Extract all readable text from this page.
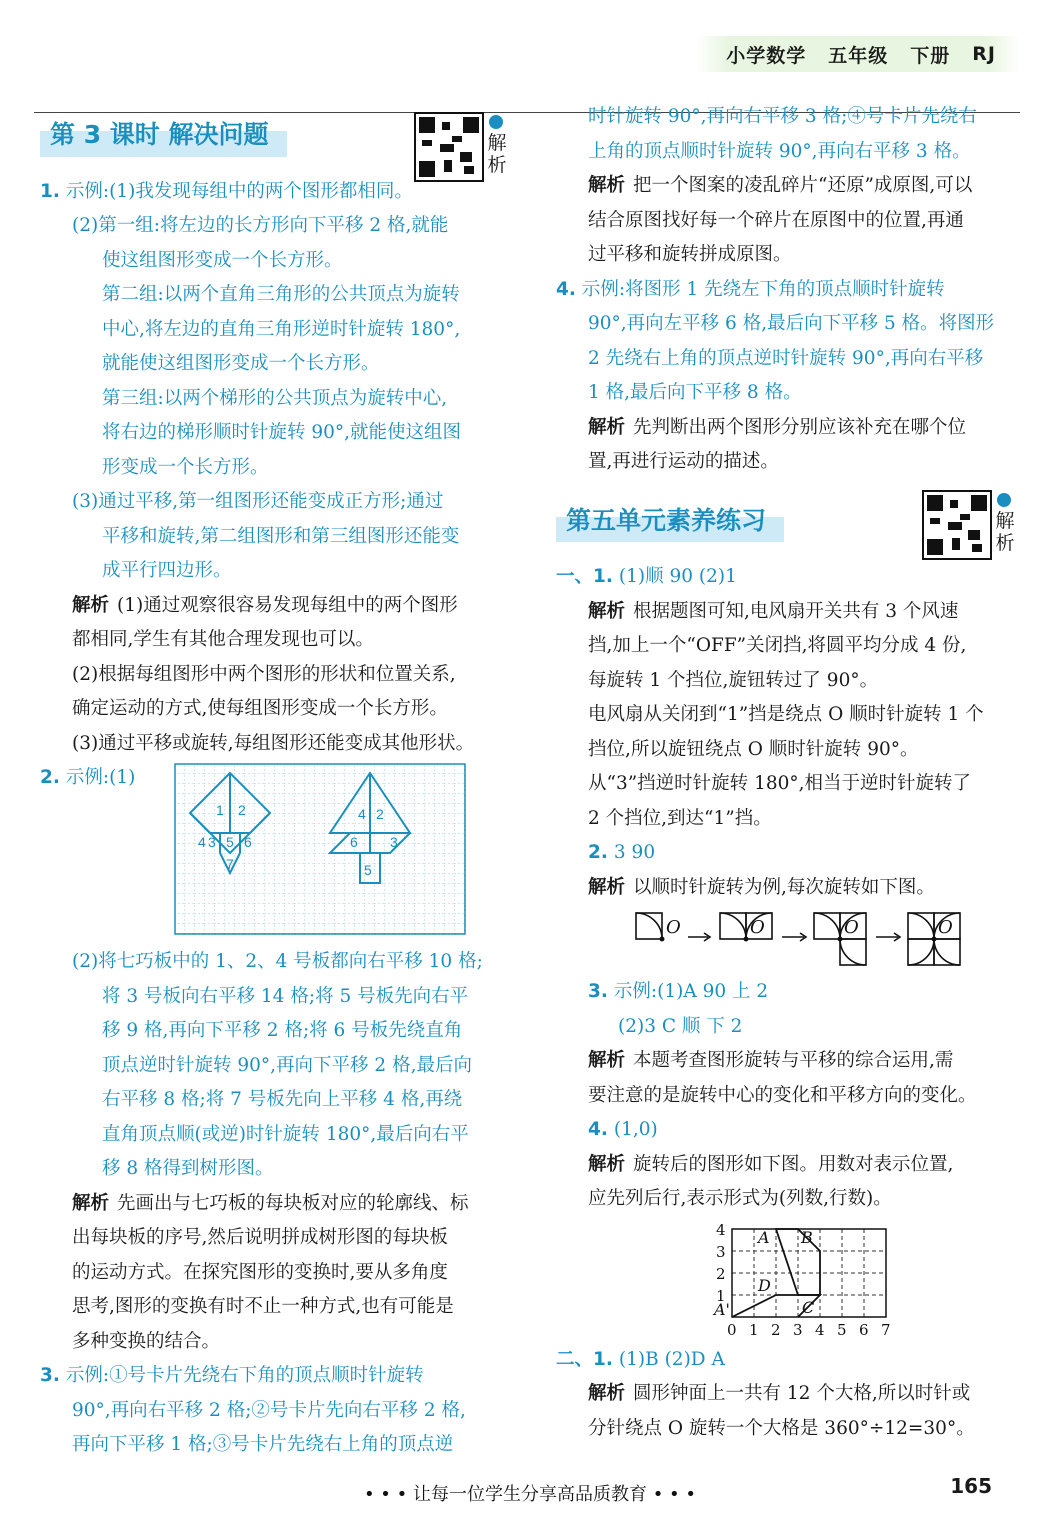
小学数学 五年级 下册 RJ
解析
解析
第 3 课时 解决问题

1. 示例:(1)我发现每组中的两个图形都相同。

(2)第一组:将左边的长方形向下平移 2 格,就能

使这组图形变成一个长方形。

第二组:以两个直角三角形的公共顶点为旋转

中心,将左边的直角三角形逆时针旋转 180°,

就能使这组图形变成一个长方形。

第三组:以两个梯形的公共顶点为旋转中心,

将右边的梯形顺时针旋转 90°,就能使这组图

形变成一个长方形。

(3)通过平移,第一组图形还能变成正方形;通过

平移和旋转,第二组图形和第三组图形还能变

成平行四边形。

解析 (1)通过观察很容易发现每组中的两个图形

都相同,学生有其他合理发现也可以。

(2)根据每组图形中两个图形的形状和位置关系,

确定运动的方式,使每组图形变成一个长方形。

(3)通过平移或旋转,每组图形还能变成其他形状。

2. 示例:(1)

1 2
3
4 5 6
7
4 2
6 3
5

(2)将七巧板中的 1、2、4 号板都向右平移 10 格;

将 3 号板向右平移 14 格;将 5 号板先向右平

移 9 格,再向下平移 2 格;将 6 号板先绕直角

顶点逆时针旋转 90°,再向下平移 2 格,最后向

右平移 8 格;将 7 号板先向上平移 4 格,再绕

直角顶点顺(或逆)时针旋转 180°,最后向右平

移 8 格得到树形图。

解析 先画出与七巧板的每块板对应的轮廓线、标

出每块板的序号,然后说明拼成树形图的每块板

的运动方式。在探究图形的变换时,要从多角度

思考,图形的变换有时不止一种方式,也有可能是

多种变换的结合。

3. 示例:①号卡片先绕右下角的顶点顺时针旋转

90°,再向右平移 2 格;②号卡片先向右平移 2 格,

再向下平移 1 格;③号卡片先绕右上角的顶点逆

时针旋转 90°,再向右平移 3 格;④号卡片先绕右

上角的顶点顺时针旋转 90°,再向右平移 3 格。

解析 把一个图案的凌乱碎片“还原”成原图,可以

结合原图找好每一个碎片在原图中的位置,再通

过平移和旋转拼成原图。

4. 示例:将图形 1 先绕左下角的顶点顺时针旋转

90°,再向左平移 6 格,最后向下平移 5 格。将图形

2 先绕右上角的顶点逆时针旋转 90°,再向右平移

1 格,最后向下平移 8 格。

解析 先判断出两个图形分别应该补充在哪个位

置,再进行运动的描述。

第五单元素养练习

一、1. (1)顺 90 (2)1

解析 根据题图可知,电风扇开关共有 3 个风速

挡,加上一个“OFF”关闭挡,将圆平均分成 4 份,

每旋转 1 个挡位,旋钮转过了 90°。

电风扇从关闭到“1”挡是绕点 O 顺时针旋转 1 个

挡位,所以旋钮绕点 O 顺时针旋转 90°。

从“3”挡逆时针旋转 180°,相当于逆时针旋转了

2 个挡位,到达“1”挡。

2. 3 90

解析 以顺时针旋转为例,每次旋转如下图。

O	O	O	O

3. 示例:(1)A 90 上 2

(2)3 C 顺 下 2

解析 本题考查图形旋转与平移的综合运用,需

要注意的是旋转中心的变化和平移方向的变化。

4. (1,0)

解析 旋转后的图形如下图。用数对表示位置,

应先列后行,表示形式为(列数,行数)。

4
3
2
1
0 1 2 3 4 5 6 7
A B
D
C
A'

二、1. (1)B (2)D A

解析 圆形钟面上一共有 12 个大格,所以时针或

分针绕点 O 旋转一个大格是 360°÷12=30°。

• • • 让每一位学生分享高品质教育 • • •	165
